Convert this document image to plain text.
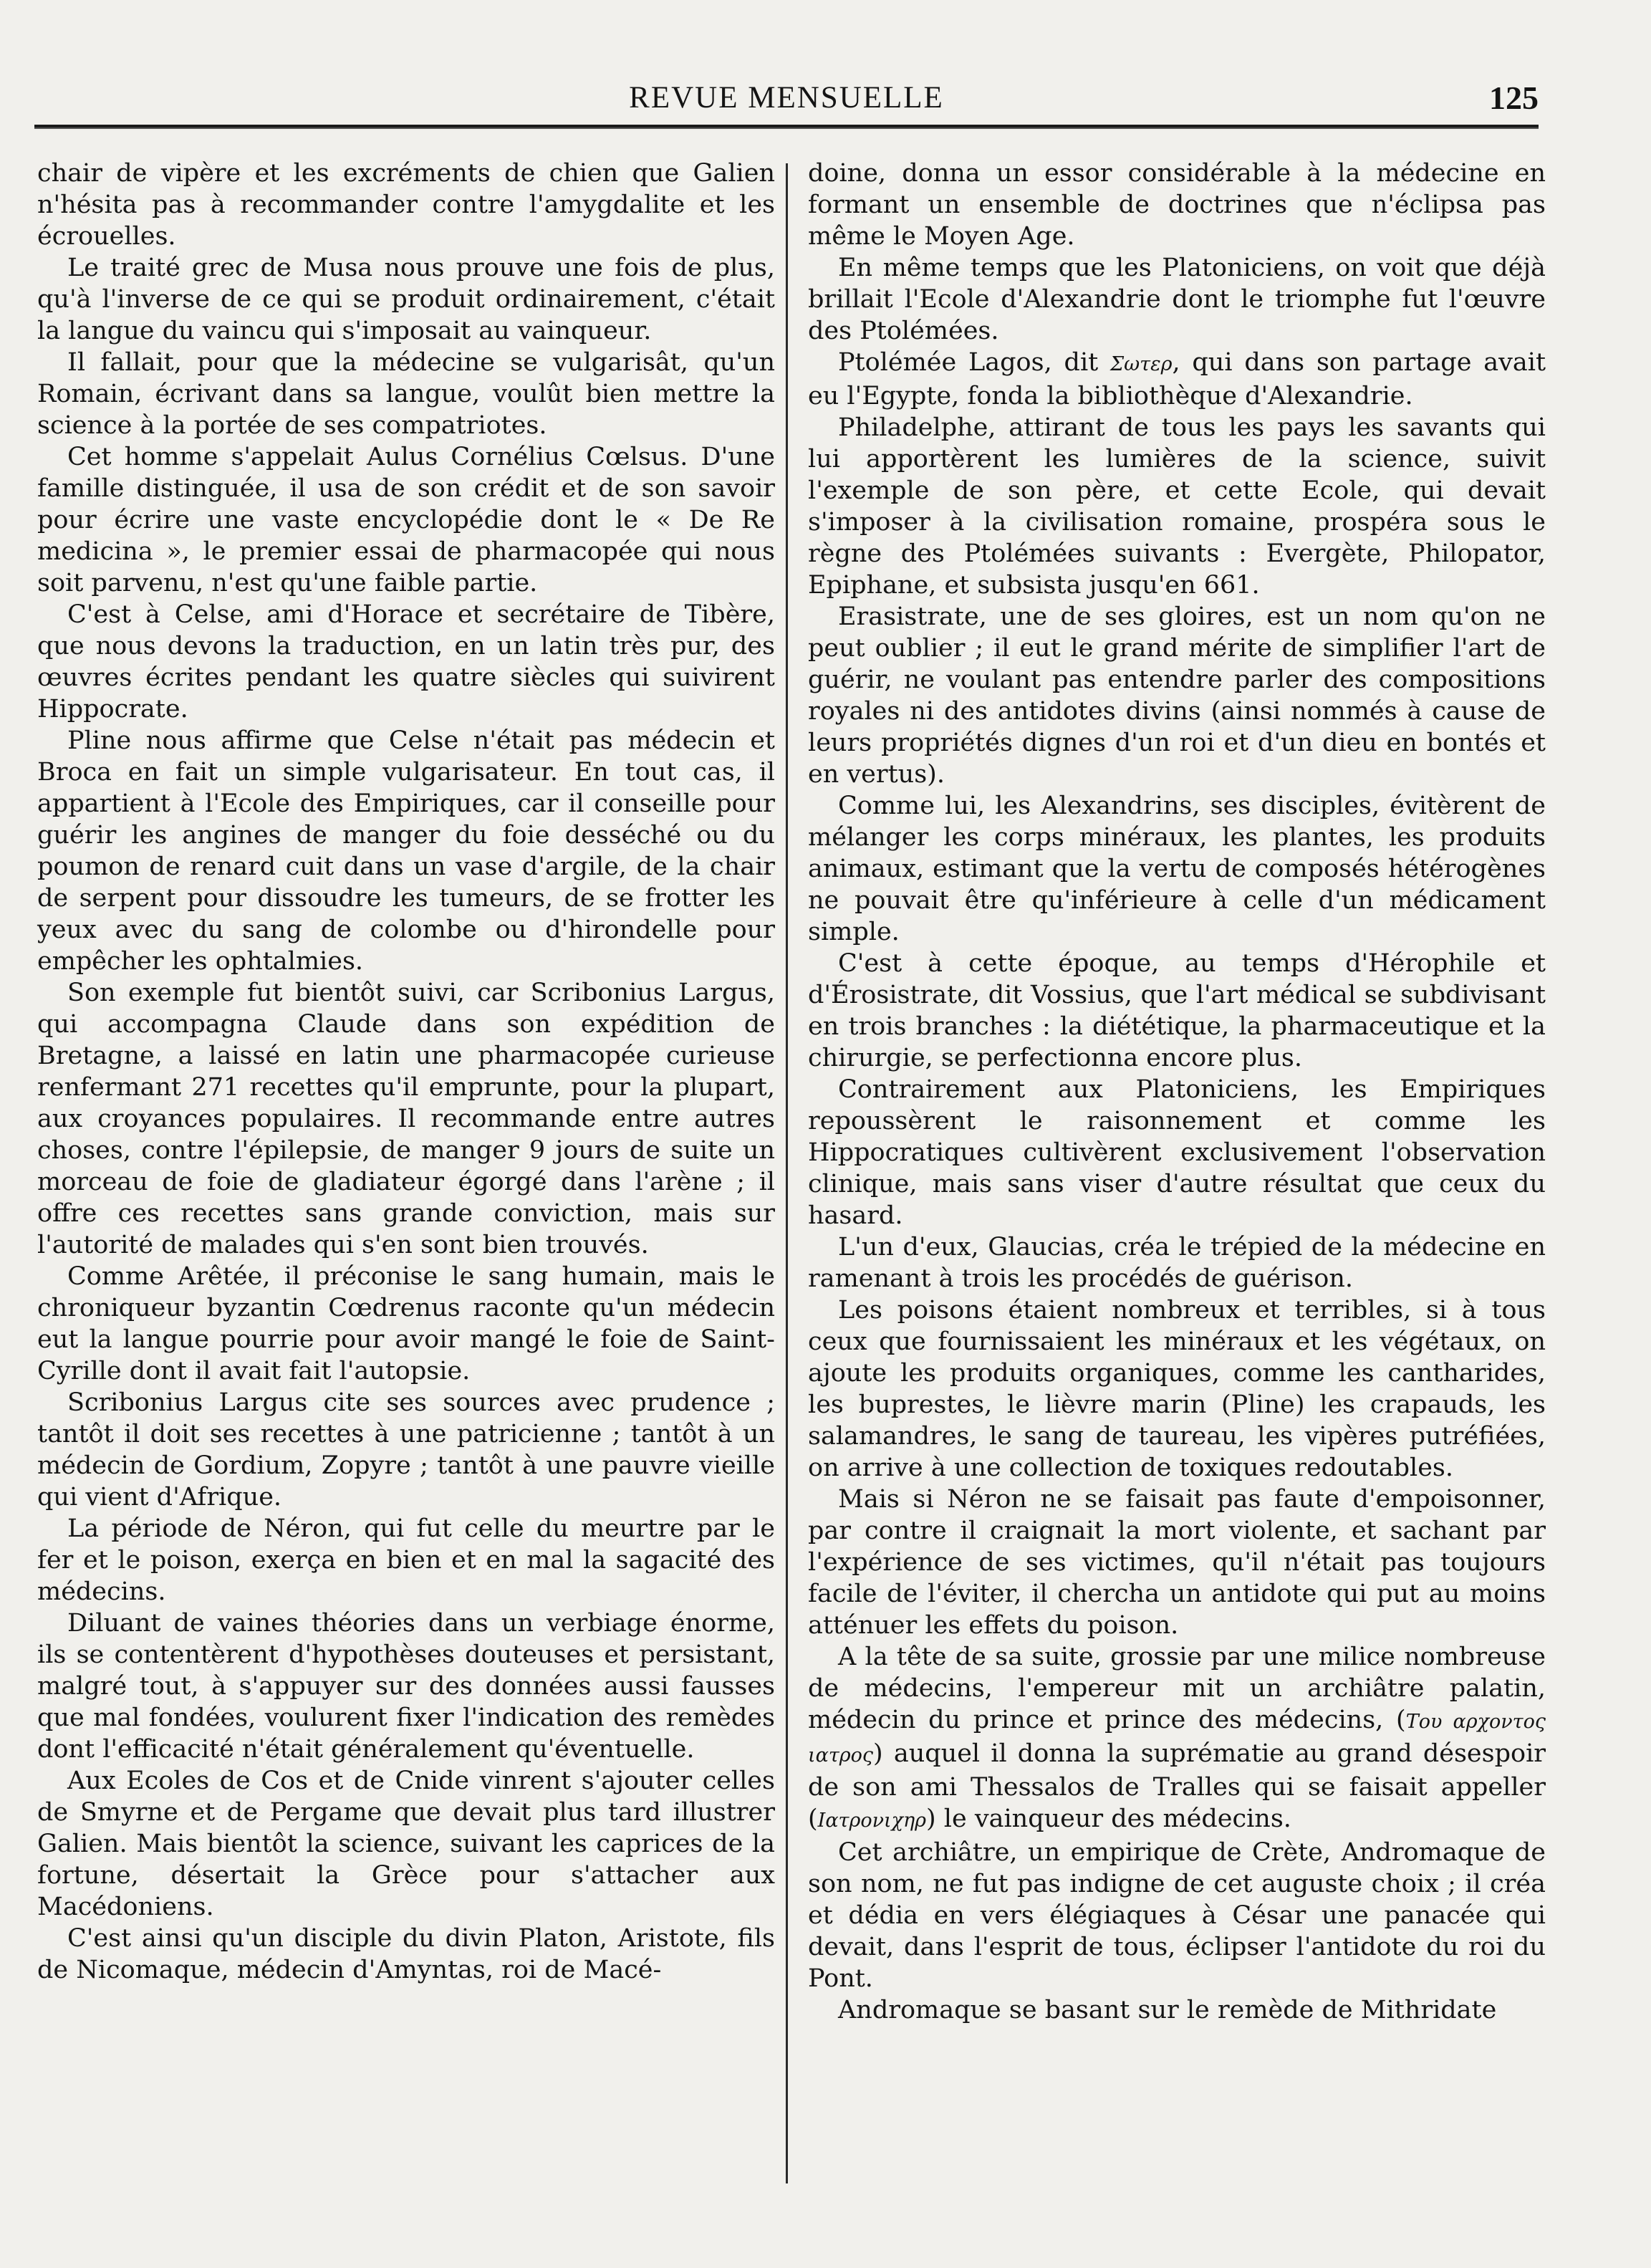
REVUE MENSUELLE	125

chair de vipère et les excréments de chien que Galien n'hésita pas à recommander contre l'amygdalite et les écrouelles.

Le traité grec de Musa nous prouve une fois de plus, qu'à l'inverse de ce qui se produit ordinairement, c'était la langue du vaincu qui s'imposait au vainqueur.

Il fallait, pour que la médecine se vulgarisât, qu'un Romain, écrivant dans sa langue, voulût bien mettre la science à la portée de ses compatriotes.

Cet homme s'appelait Aulus Cornélius Cœlsus. D'une famille distinguée, il usa de son crédit et de son savoir pour écrire une vaste encyclopédie dont le « De Re medicina », le premier essai de pharmacopée qui nous soit parvenu, n'est qu'une faible partie.

C'est à Celse, ami d'Horace et secrétaire de Tibère, que nous devons la traduction, en un latin très pur, des œuvres écrites pendant les quatre siècles qui suivirent Hippocrate.

Pline nous affirme que Celse n'était pas médecin et Broca en fait un simple vulgarisateur. En tout cas, il appartient à l'Ecole des Empiriques, car il conseille pour guérir les angines de manger du foie desséché ou du poumon de renard cuit dans un vase d'argile, de la chair de serpent pour dissoudre les tumeurs, de se frotter les yeux avec du sang de colombe ou d'hirondelle pour empêcher les ophtalmies.

Son exemple fut bientôt suivi, car Scribonius Largus, qui accompagna Claude dans son expédition de Bretagne, a laissé en latin une pharmacopée curieuse renfermant 271 recettes qu'il emprunte, pour la plupart, aux croyances populaires. Il recommande entre autres choses, contre l'épilepsie, de manger 9 jours de suite un morceau de foie de gladiateur égorgé dans l'arène ; il offre ces recettes sans grande conviction, mais sur l'autorité de malades qui s'en sont bien trouvés.

Comme Arêtée, il préconise le sang humain, mais le chroniqueur byzantin Cœdrenus raconte qu'un médecin eut la langue pourrie pour avoir mangé le foie de Saint-Cyrille dont il avait fait l'autopsie.

Scribonius Largus cite ses sources avec prudence ; tantôt il doit ses recettes à une patricienne ; tantôt à un médecin de Gordium, Zopyre ; tantôt à une pauvre vieille qui vient d'Afrique.

La période de Néron, qui fut celle du meurtre par le fer et le poison, exerça en bien et en mal la sagacité des médecins.

Diluant de vaines théories dans un verbiage énorme, ils se contentèrent d'hypothèses douteuses et persistant, malgré tout, à s'appuyer sur des données aussi fausses que mal fondées, voulurent fixer l'indication des remèdes dont l'efficacité n'était généralement qu'éventuelle.

Aux Ecoles de Cos et de Cnide vinrent s'ajouter celles de Smyrne et de Pergame que devait plus tard illustrer Galien. Mais bientôt la science, suivant les caprices de la fortune, désertait la Grèce pour s'attacher aux Macédoniens.

C'est ainsi qu'un disciple du divin Platon, Aristote, fils de Nicomaque, médecin d'Amyntas, roi de Macé-

doine, donna un essor considérable à la médecine en formant un ensemble de doctrines que n'éclipsa pas même le Moyen Age.

En même temps que les Platoniciens, on voit que déjà brillait l'Ecole d'Alexandrie dont le triomphe fut l'œuvre des Ptolémées.

Ptolémée Lagos, dit Σωτερ, qui dans son partage avait eu l'Egypte, fonda la bibliothèque d'Alexandrie.

Philadelphe, attirant de tous les pays les savants qui lui apportèrent les lumières de la science, suivit l'exemple de son père, et cette Ecole, qui devait s'imposer à la civilisation romaine, prospéra sous le règne des Ptolémées suivants : Evergète, Philopator, Epiphane, et subsista jusqu'en 661.

Erasistrate, une de ses gloires, est un nom qu'on ne peut oublier ; il eut le grand mérite de simplifier l'art de guérir, ne voulant pas entendre parler des compositions royales ni des antidotes divins (ainsi nommés à cause de leurs propriétés dignes d'un roi et d'un dieu en bontés et en vertus).

Comme lui, les Alexandrins, ses disciples, évitèrent de mélanger les corps minéraux, les plantes, les produits animaux, estimant que la vertu de composés hétérogènes ne pouvait être qu'inférieure à celle d'un médicament simple.

C'est à cette époque, au temps d'Hérophile et d'Érosistrate, dit Vossius, que l'art médical se subdivisant en trois branches : la diététique, la pharmaceutique et la chirurgie, se perfectionna encore plus.

Contrairement aux Platoniciens, les Empiriques repoussèrent le raisonnement et comme les Hippocratiques cultivèrent exclusivement l'observation clinique, mais sans viser d'autre résultat que ceux du hasard.

L'un d'eux, Glaucias, créa le trépied de la médecine en ramenant à trois les procédés de guérison.

Les poisons étaient nombreux et terribles, si à tous ceux que fournissaient les minéraux et les végétaux, on ajoute les produits organiques, comme les cantharides, les buprestes, le lièvre marin (Pline) les crapauds, les salamandres, le sang de taureau, les vipères putréfiées, on arrive à une collection de toxiques redoutables.

Mais si Néron ne se faisait pas faute d'empoisonner, par contre il craignait la mort violente, et sachant par l'expérience de ses victimes, qu'il n'était pas toujours facile de l'éviter, il chercha un antidote qui put au moins atténuer les effets du poison.

A la tête de sa suite, grossie par une milice nombreuse de médecins, l'empereur mit un archiâtre palatin, médecin du prince et prince des médecins, (Του αρχοντος ιατρος) auquel il donna la suprématie au grand désespoir de son ami Thessalos de Tralles qui se faisait appeller (Ιατρονιχηρ) le vainqueur des médecins.

Cet archiâtre, un empirique de Crète, Andromaque de son nom, ne fut pas indigne de cet auguste choix ; il créa et dédia en vers élégiaques à César une panacée qui devait, dans l'esprit de tous, éclipser l'antidote du roi du Pont.

Andromaque se basant sur le remède de Mithridate
